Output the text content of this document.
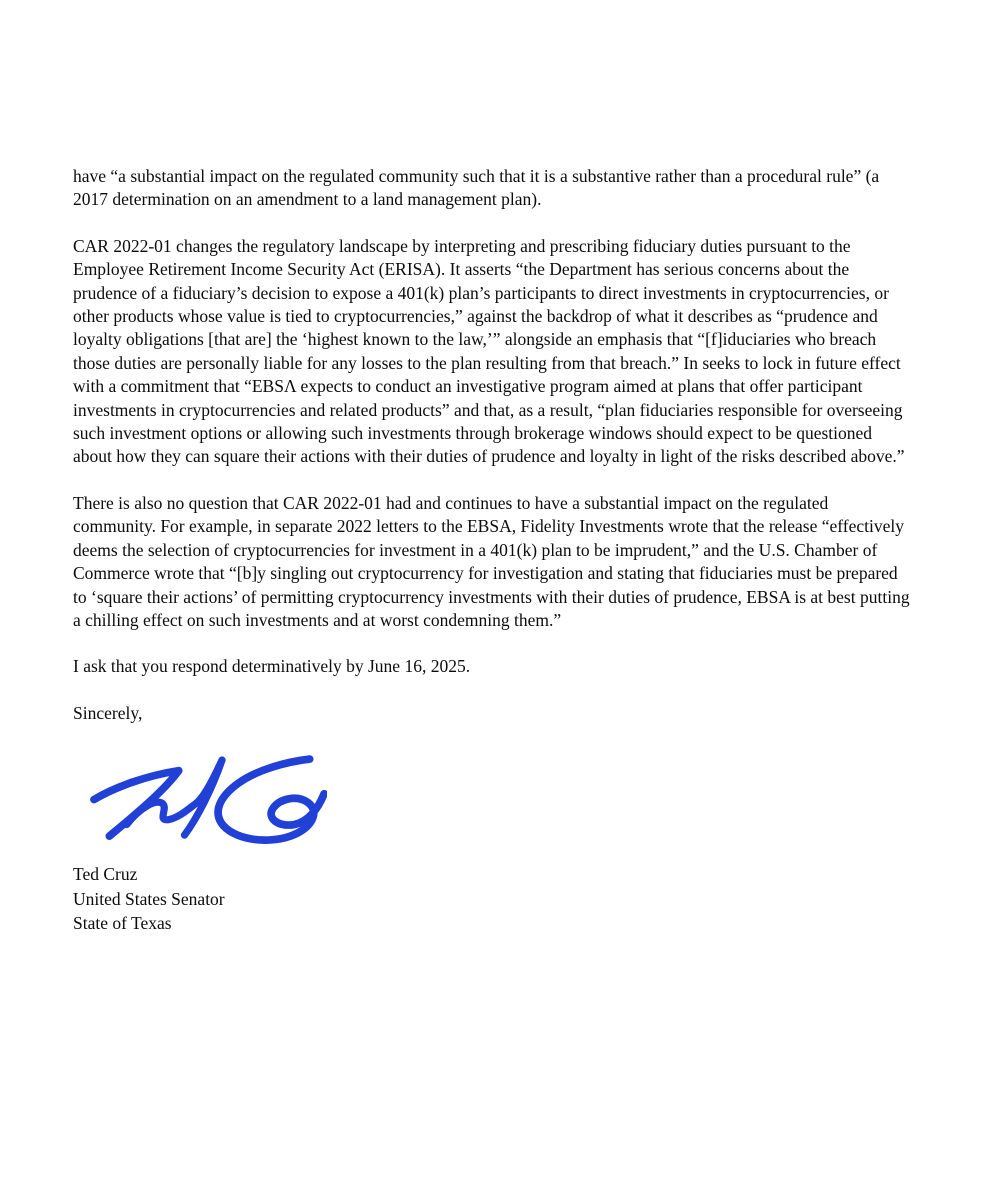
have “a substantial impact on the regulated community such that it is a substantive rather than a procedural rule” (a 2017 determination on an amendment to a land management plan).

CAR 2022-01 changes the regulatory landscape by interpreting and prescribing fiduciary duties pursuant to the Employee Retirement Income Security Act (ERISA). It asserts “the Department has serious concerns about the prudence of a fiduciary’s decision to expose a 401(k) plan’s participants to direct investments in cryptocurrencies, or other products whose value is tied to cryptocurrencies,” against the backdrop of what it describes as “prudence and loyalty obligations [that are] the ‘highest known to the law,’” alongside an emphasis that “[f]iduciaries who breach those duties are personally liable for any losses to the plan resulting from that breach.” In seeks to lock in future effect with a commitment that “EBSΛ expects to conduct an investigative program aimed at plans that offer participant investments in cryptocurrencies and related products” and that, as a result, “plan fiduciaries responsible for overseeing such investment options or allowing such investments through brokerage windows should expect to be questioned about how they can square their actions with their duties of prudence and loyalty in light of the risks described above.”

There is also no question that CAR 2022-01 had and continues to have a substantial impact on the regulated community. For example, in separate 2022 letters to the EBSA, Fidelity Investments wrote that the release “effectively deems the selection of cryptocurrencies for investment in a 401(k) plan to be imprudent,” and the U.S. Chamber of Commerce wrote that “[b]y singling out cryptocurrency for investigation and stating that fiduciaries must be prepared to ‘square their actions’ of permitting cryptocurrency investments with their duties of prudence, EBSA is at best putting a chilling effect on such investments and at worst condemning them.”

I ask that you respond determinatively by June 16, 2025.

Sincerely,

Ted Cruz
United States Senator
State of Texas
